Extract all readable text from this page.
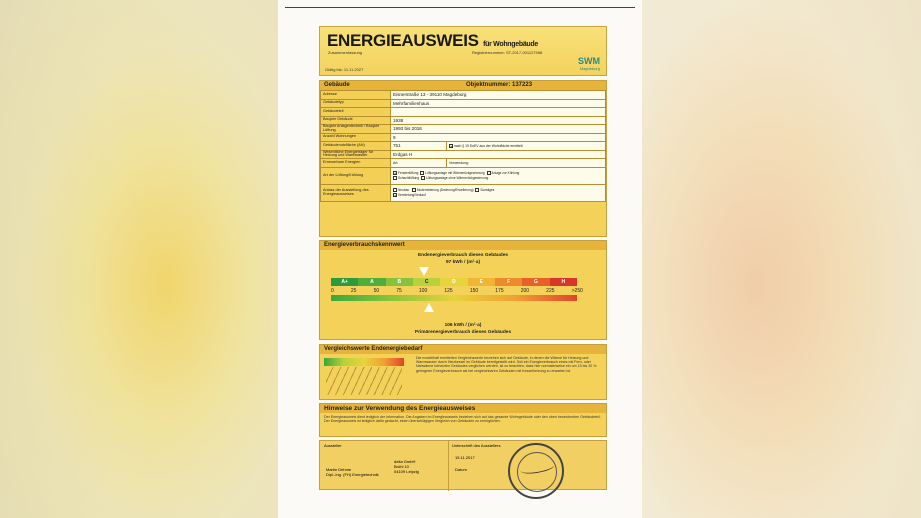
ENERGIEAUSWEIS für Wohngebäude
Zusammenfassung	Registriernummer: ST-2017-001127958
Gültig bis: 11.11.2027
SWM
Magdeburg
Gebäude	Objektnummer: 137223
Adresse	Eisnerstraße 13 - 39110 Magdeburg	
Gebäudetyp	Mehrfamilienhaus	
Gebäudeteil		
Baujahr Gebäude	1938	
Baujahr Anlagentechnik / Baujahr Lüftung	1993 bis 2016	
Anzahl Wohnungen	9	
Gebäudenutzfläche (AN)	751	✕nach § 19 EnEV aus der Wohnfläche ermittelt
Wesentliche Energieträger für Heizung und Warmwasser	Erdgas H	
Erneuerbare Energien	Art:	Verwendung:
Art der Lüftung/Kühlung	✕Fensterlüftung Lüftungsanlage mit Wärmerückgewinnung Anlage zur Kühlung
Schachtlüftung Lüftungsanlage ohne Wärmerückgewinnung	
Anlass der Ausstellung des Energieausweises	Neubau Modernisierung (Änderung/Erweiterung) Sonstiges
✕Vermietung/Verkauf	
Energieverbrauchskennwert
Endenergieverbrauch dieses Gebäudes
97 kWh / (m²·a)
A+	A	B	C	D	E	F	G	H
0	25	50	75	100	125	150	175	200	225	>250
106 kWh / (m²·a)
Primärenergieverbrauch dieses Gebäudes
Vergleichswerte Endenergiebedarf
Die modellhaft ermittelten Vergleichswerte beziehen sich auf Gebäude, in denen die Wärme für Heizung und Warmwasser durch Heizkessel im Gebäude bereitgestellt wird. Soll ein Energieverbrauch eines mit Fern- oder Nahwärme beheizten Gebäudes verglichen werden, ist zu beachten, dass hier normalerweise ein um 15 bis 30 % geringerer Energieverbrauch als bei vergleichbaren Gebäuden mit Kesselheizung zu erwarten ist.
Hinweise zur Verwendung des Energieausweises
Der Energieausweis dient lediglich der Information. Die Angaben im Energieausweis beziehen sich auf das gesamte Wohngebäude oder den oben bezeichneten Gebäudeteil. Der Energieausweis ist lediglich dafür gedacht, einen überschlägigen Vergleich von Gebäuden zu ermöglichen.
Aussteller
Martin Dehme
Dipl.-Ing. (FH) Energietechnik
delta GmbH
Brühl 10
04109 Leipzig
Unterschrift des Ausstellers
15.11.2017
Datum
